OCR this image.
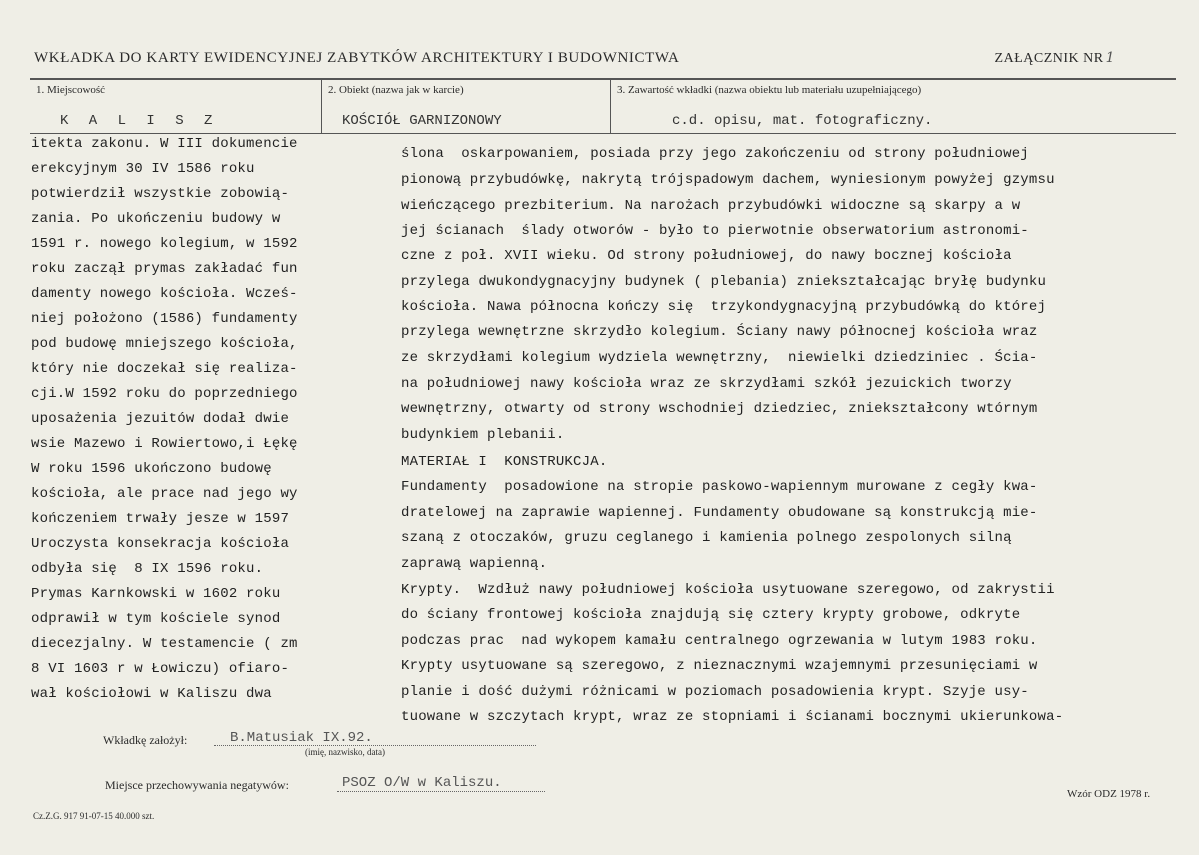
WKŁADKA DO KARTY EWIDENCYJNEJ ZABYTKÓW ARCHITEKTURY I BUDOWNICTWA	ZAŁĄCZNIK NR 1
1. Miejscowość	2. Obiekt (nazwa jak w karcie)	3. Zawartość wkładki (nazwa obiektu lub materiału uzupełniającego)
K A L I S Z	KOŚCIÓŁ GARNIZONOWY	c.d. opisu, mat. fotograficzny.
itekta zakonu. W III dokumencie
erekcyjnym 30 IV 1586 roku
potwierdził wszystkie zobowią-
zania. Po ukończeniu budowy w
1591 r. nowego kolegium, w 1592
roku zaczął prymas zakładać fun
damenty nowego kościoła. Wcześ-
niej położono (1586) fundamenty
pod budowę mniejszego kościoła,
który nie doczekał się realiza-
cji.W 1592 roku do poprzedniego
uposażenia jezuitów dodał dwie
wsie Mazewo i Rowiertowo,i Łękę
W roku 1596 ukończono budowę
kościoła, ale prace nad jego wy
kończeniem trwały jesze w 1597
Uroczysta konsekracja kościoła
odbyła się  8 IX 1596 roku.
Prymas Karnkowski w 1602 roku
odprawił w tym kościele synod
diecezjalny. W testamencie ( zm
8 VI 1603 r w Łowiczu) ofiaro-
wał kościołowi w Kaliszu dwa
ślona  oskarpowaniem, posiada przy jego zakończeniu od strony południowej
pionową przybudówkę, nakrytą trójspadowym dachem, wyniesionym powyżej gzymsu
wieńczącego prezbiterium. Na narożach przybudówki widoczne są skarpy a w
jej ścianach  ślady otworów - było to pierwotnie obserwatorium astronomi-
czne z poł. XVII wieku. Od strony południowej, do nawy bocznej kościoła
przylega dwukondygnacyjny budynek ( plebania) zniekształcając bryłę budynku
kościoła. Nawa północna kończy się  trzykondygnacyjną przybudówką do której
przylega wewnętrzne skrzydło kolegium. Ściany nawy północnej kościoła wraz
ze skrzydłami kolegium wydziela wewnętrzny,  niewielki dziedziniec . Ścia-
na południowej nawy kościoła wraz ze skrzydłami szkół jezuickich tworzy
wewnętrzny, otwarty od strony wschodniej dziedziec, zniekształcony wtórnym
budynkiem plebanii.
MATERIAŁ I  KONSTRUKCJA.
Fundamenty  posadowione na stropie paskowo-wapiennym murowane z cegły kwa-
dratelowej na zaprawie wapiennej. Fundamenty obudowane są konstrukcją mie-
szaną z otoczaków, gruzu ceglanego i kamienia polnego zespolonych silną
zaprawą wapienną.
Krypty.  Wzdłuż nawy południowej kościoła usytuowane szeregowo, od zakrystii
do ściany frontowej kościoła znajdują się cztery krypty grobowe, odkryte
podczas prac  nad wykopem kamału centralnego ogrzewania w lutym 1983 roku.
Krypty usytuowane są szeregowo, z nieznacznymi wzajemnymi przesunięciami w
planie i dość dużymi różnicami w poziomach posadowienia krypt. Szyje usy-
tuowane w szczytach krypt, wraz ze stopniami i ścianami bocznymi ukierunkowa-
Wkładkę założył:	B.Matusiak IX.92.
(imię, nazwisko, data)
Miejsce przechowywania negatywów:	PSOZ O/W w Kaliszu.
Cz.Z.G. 917 91-07-15 40.000 szt.
Wzór ODZ 1978 r.
